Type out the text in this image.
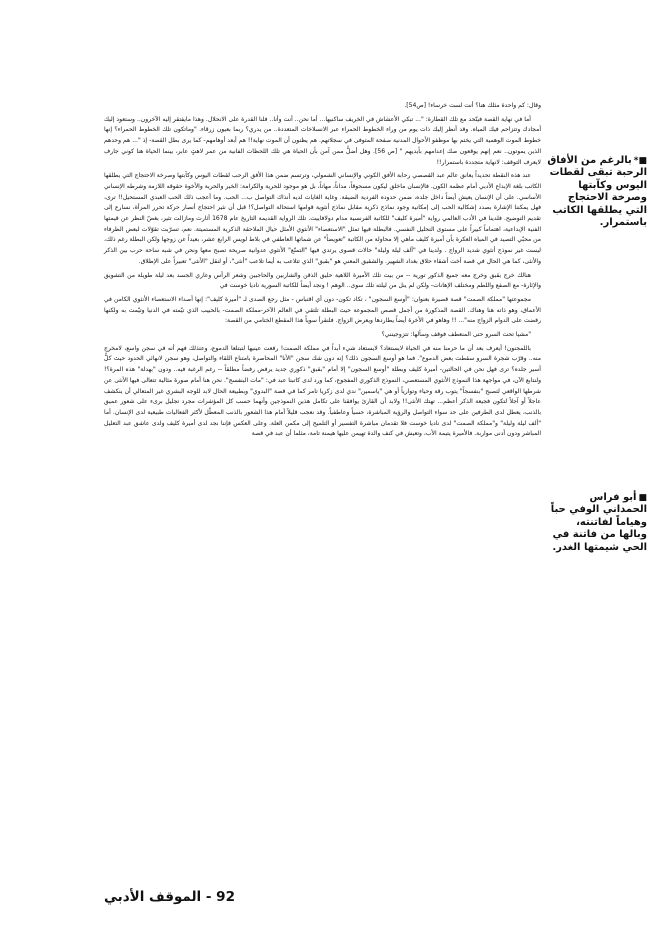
وقال: كم واحدة مثلك هنا؟ أنت لست خرساء! [ص54].

أما في نهاية القصة فيتّحد مع تلك القطارة: "... تبكي الأعشاش في الخريف ساكنيها... أما نحن.. أنت وأنا.. فلنا القدرة على الانحلال. وهذا مايفتقر إليه الآخرون.. وستعود إليك أمجادك وتتزاحم فيك المياه. وقد أنظر إليك ذات يوم من وراء الخطوط الحمراء عبر الانسلاخات المتعددة.. من يدري؟ ربما بعيون زرقاء. "وماتكون تلك الخطوط الحمراء؟ إنها خطوط الموت الوهمية التي يختم بها موظفو الأحوال المدنية صفحة المتوفى في سجلاتهم. هم يظنون أن الموت نهاية!! هم أبعد أوهامهم- كما يرى بطل القصة- إذ "... هم وحدهم الذين يموتون.. نعم إنهم يوقعون صك إعدامهم بأيديهم " [ص 56]. وهل أضلُّ ممن آمن بأن الحياة هي تلك اللحظات الفانية من عمر لاهثٍ عابر، بينما الحياة هنا كوني جارف لايعرف التوقف: لانهاية متجددة باستمرار!!

عند هذه النقطة تحديداً يعانق عالم عبد القصصي رحابة الأفق الكوني والإنساني الشمولي، وترتسم ضمن هذا الأفق الرحب لقطات اليوس وكآبتها وصرخة الاحتجاج التي يطلقها الكاتب بلغة الإبداع الأدبي أمام عظمة الكون. فالإنسان ماخلق ليكون مسحوقاً، مداناً، مهاناً، بل هو موجود للحرية والكرامة: الخير والحرية والأخوة حقوقه اللازمة وشرطه الإنساني الأساسي. على أن الإنسان يعيش أيضاً داخل جلده، ضمن حدوده الفردية الضيقة. وغاية الغايات لديه أنذاك التواصل ب... الحب. وما أعجب ذلك الحب العبدي المستحيل!! ترى، فهل يمكننا الإشارة بصدد إشكالية الحب إلى إمكانية وجود نماذج ذكرية مقابل نماذج أنثوية قوامها استحالة التواصل؟! قبل أن نثير احتجاج أنصار حركة تحرر المرأة، نسارع إلى تقديم التوضيح. فلدينا في الأدب العالمي رواية "أميرة كليف" للكاتبة الفرنسية مدام دولافاييت. تلك الرواية القديمة التاريخ عام 1678 أثارت ومازالت تثير، بغضّ النظر عن قيمتها الفنية الإبداعية، اهتماماً كبيراً على مستوى التحليل النفسي. فالبطلة فيها تمثل "الاستعصاء" الأنثوي الأمثل حيال الملاحقة الذكرية المستميتة. نعم، تسرّبت تقوّلات لبعض الظرفاء من محبّي التصيد في المياه العكرة بأن أميرة كليف ماهي إلا محاولة من الكاتبة "تعويضاً" عن شماتها العاطفي في بلاط لويس الرابع عشر، بعيداً عن زوجها ولكن البطلة رغم ذلك، ليست غير نموذج أنثوي شديد الرواج . ولدينا في "ألف ليلة وليلة" حالات قصوى يرتدي فيها "التمنّع" الأنثوي عدوانية صريحة تصبح معها ونحن في شبه ساحة حرب بين الذكر والأنثى، كما هي الحال في قصة أخت أشقاء حلاق بغداد الشهير. والشقيق المعني هو "بقبق" الذي تتلاعب به أيما تلاعب "أنثى"، أو لنقل "الأنثى" تعبيراً على الإطلاق.

هنالك خرج بقبق وخرج معه جميع الذكور تورية -- من بيت تلك الأميرة اللاهية حليق الذقن والشاربين والحاجبين وشعر الرأس وعاري الجسد بعد ليلة طويلة من التشويق والإثارة- مع الصفع واللطم ومختلف الإهانات- ولكن لم ينل من ليلته تلك سوى.. الوهم ! ونجد أيضاً للكاتبة السورية ناديا خوست في

مجموعتها "مملكة الصمت" قصة قصيرة بعنوان: "أوسع السجون" ، تكاد تكون- دون أي اقتباس - مثل رجع الصدى لـ "أميرة كليف": إنها أصداء الاستعصاء الأنثوي الكامن في الأعماق، وهو ذاته هنا وهناك. القصة المذكورة من أجمل قصص المجموعة حيث البطلة تلتقي في العالم الآخر-مملكة الصمت- بالحبيب الذي تيّمته في الدنيا وتيّمت به ولكنها رفضت على الدوام الزواج منه"... !! وهاهو في الأخرة أيضاً يطاردها ويعرض الزواج. فلنقرأ سوياً هذا المقطع الختامي من القصة:

"مشيا تحت السرو حتى المنعطف فوقف وسألها: تتزوجينني؟

باللمجنون! أيعرف بعد أن ما حرمنا منه في الحياة لايستعاد؟ لايستعاد شيء أبداً في مملكة الصمت! رفعت عينيها لتبتلعا الدموع، وعتذلك فهم أنه في سجن واسع، لامخرج منه.. وقرّب شجرة السرو سقطت بعض الدموع". فما هو أوسع السجون ذلك؟ إنه دون شك سجن "الأنا" المحاصرة بامتناع اللقاء والتواصل، وهو سجن لانهائي الحدود حيث كلٌّ أسير جلده؟ ترى فهل نحن في الحالتين- أميرة كليف وبطلة "أوسع السجون" إلا أمام "بقبق" ذكوري جديد يرفض رفضاً مطلقاً -- رغم الرغبة فيه.. ودون "بهدلة" هذه المرة؟! ولنتابع الآن، في مواجهة هذا النموذج الأنثوي المستعصي، النموذج الذكوري المفجوع، كما ورد لدى كاتبنا عبد في: "مات البنفسج". نحن هنا أمام صورة مثالية تتعالى فيها الأنثى عن شرطها الواقعي لتصبح "بنفسجاً" يتوب رقة وحياء وتوارياً أو هي "ياسمين" ندي لدى زكريا تامر كما في قصة "البدوي" وبطبيعة الحال لابد للوجه البشري غير المتعالي أن ينكشف عاجلاً أو آجلاً لتكون فجيعة الذكر أعظم... تهتك الأنثى!! ولابد أن القارئ يوافقنا على تكامل هذين النموذجين وأنهما حسب كل المؤشرات مجرد تجليل برىء على شعور عميق بالذنب، يعطل لدى الطرفين على حد سواء التواصل والرؤية المباشرة، حسياً وعاطفياً. وقد نعجب قليلاً أمام هذا الشعور بالذنب المعطّل لأكثر الفعاليات طبيعية لدى الإنسان. أما "ألف ليلة وليلة" و"مملكة الصمت" لدى ناديا خوست فلا تقدمان مباشرة التفسير أو التلميح إلى مكمن العلة. وعلى العكس فإننا نجد لدى أميرة كليف ولدى عاشق عبد التعليل المباشر ودون أدنى مواربة. فالأميرة يتيمة الأب، وتعيش في كنف والدة تهيمن عليها هيمنة تامة، مثلما أن عبد في قصة

■*بالرغم من الأفاق الرحبة تبقى لقطات اليوس وكآبتها وصرخة الاحتجاج التي يطلقها الكاتب باستمرار.
■أبو فراس الحمداني الوفي حباً وهياماً لفاتنته، وبالها من فاتنة في الحي شيمتها الغدر.
92 - الموقف الأدبي
